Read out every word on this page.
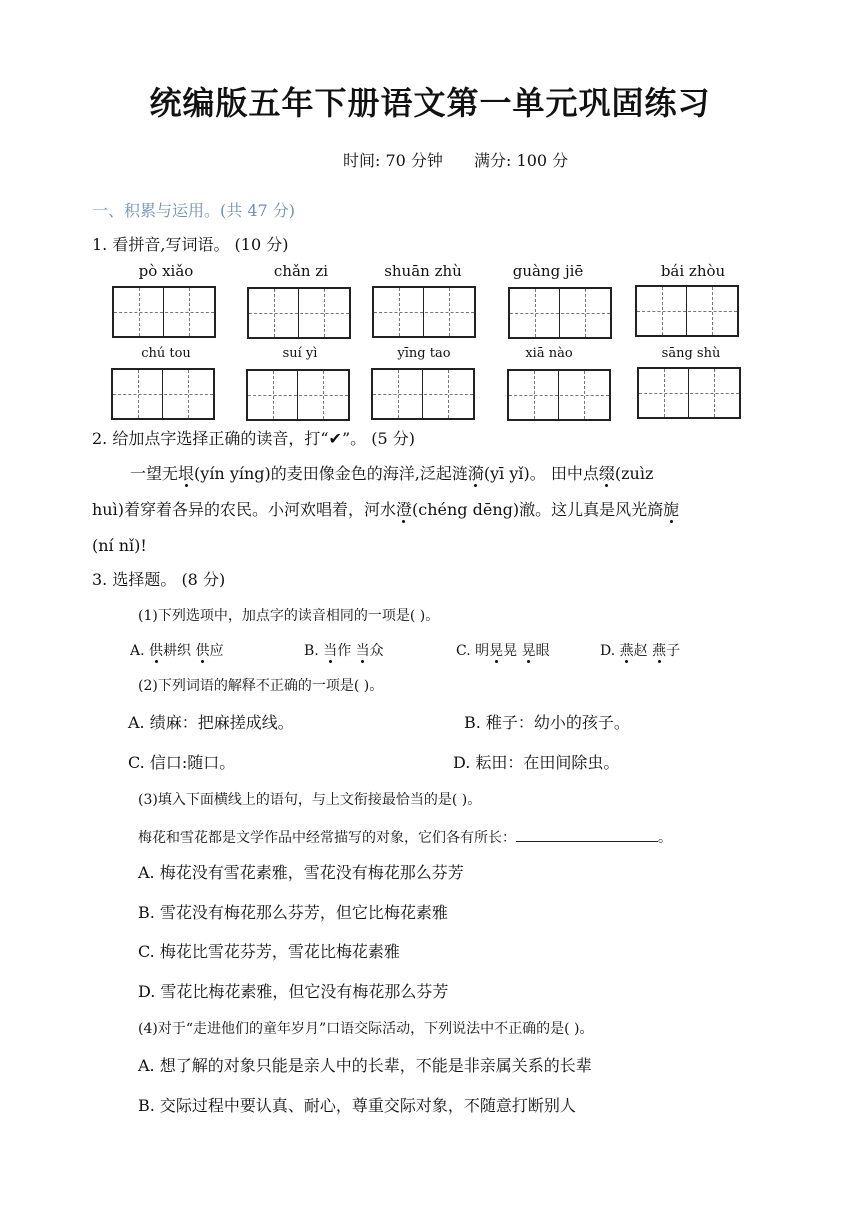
统编版五年下册语文第一单元巩固练习
时间: 70 分钟 满分: 100 分
一、积累与运用。(共 47 分)
1. 看拼音,写词语。 (10 分)
pò xiǎo	chǎn zi	shuān zhù	guàng jiē	bái zhòu
chú tou	suí yì	yīng tao	xiā nào	sāng shù
2. 给加点字选择正确的读音，打“✔”。 (5 分)
一望无垠(yín yíng)的麦田像金色的海洋,泛起涟漪(yī yǐ)。 田中点缀(zuìz
huì)着穿着各异的农民。小河欢唱着，河水澄(chéng dēng)澈。这儿真是风光旖旎
(ní nǐ)!
3. 选择题。 (8 分)
(1)下列选项中，加点字的读音相同的一项是( )。
A. 供耕织 供应	B. 当作 当众	C. 明晃晃 晃眼	D. 燕赵 燕子
(2)下列词语的解释不正确的一项是( )。
A. 绩麻：把麻搓成线。	B. 稚子：幼小的孩子。
C. 信口:随口。	D. 耘田：在田间除虫。
(3)填入下面横线上的语句，与上文衔接最恰当的是( )。
梅花和雪花都是文学作品中经常描写的对象，它们各有所长：	。
A. 梅花没有雪花素雅，雪花没有梅花那么芬芳
B. 雪花没有梅花那么芬芳，但它比梅花素雅
C. 梅花比雪花芬芳，雪花比梅花素雅
D. 雪花比梅花素雅，但它没有梅花那么芬芳
(4)对于“走进他们的童年岁月”口语交际活动，下列说法中不正确的是( )。
A. 想了解的对象只能是亲人中的长辈，不能是非亲属关系的长辈
B. 交际过程中要认真、耐心，尊重交际对象，不随意打断别人
